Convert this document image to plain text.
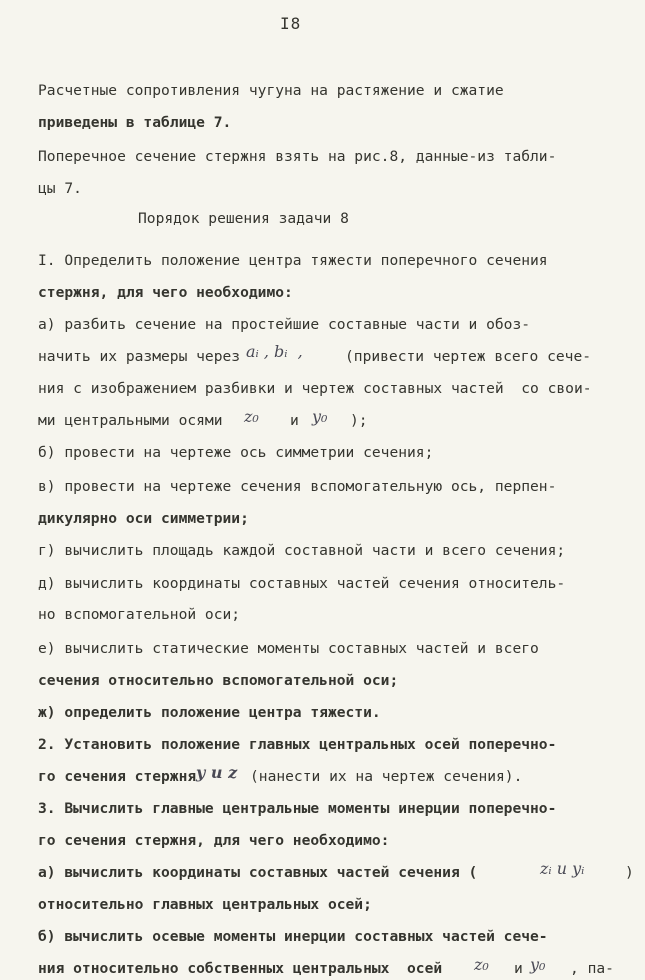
I8
Расчетные сопротивления чугуна на растяжение и сжатие
приведены в таблице 7.
Поперечное сечение стержня взять на рис.8, данные-из табли-
цы 7.
Порядок решения задачи 8
I. Определить положение центра тяжести поперечного сечения
стержня, для чего необходимо:
а) разбить сечение на простейшие составные части и обоз-
начить их размеры через aᵢ , bᵢ  ,	(привести чертеж всего сече-
ния с изображением разбивки и чертеж составных частей  со свои-
ми центральными осями z₀ и y₀ );
б) провести на чертеже ось симметрии сечения;
в) провести на чертеже сечения вспомогательную ось, перпен-
дикулярно оси симметрии;
г) вычислить площадь каждой составной части и всего сечения;
д) вычислить координаты составных частей сечения относитель-
но вспомогательной оси;
е) вычислить статические моменты составных частей и всего
сечения относительно вспомогательной оси;
ж) определить положение центра тяжести.
2. Установить положение главных центральных осей поперечно-
го сечения стержня y и z (нанести их на чертеж сечения).
3. Вычислить главные центральные моменты инерции поперечно-
го сечения стержня, для чего необходимо:
а) вычислить координаты составных частей сечения (	zᵢ и yᵢ	)
относительно главных центральных осей;
б) вычислить осевые моменты инерции составных частей сече-
ния относительно собственных центральных  осей z₀ и y₀ , па-
